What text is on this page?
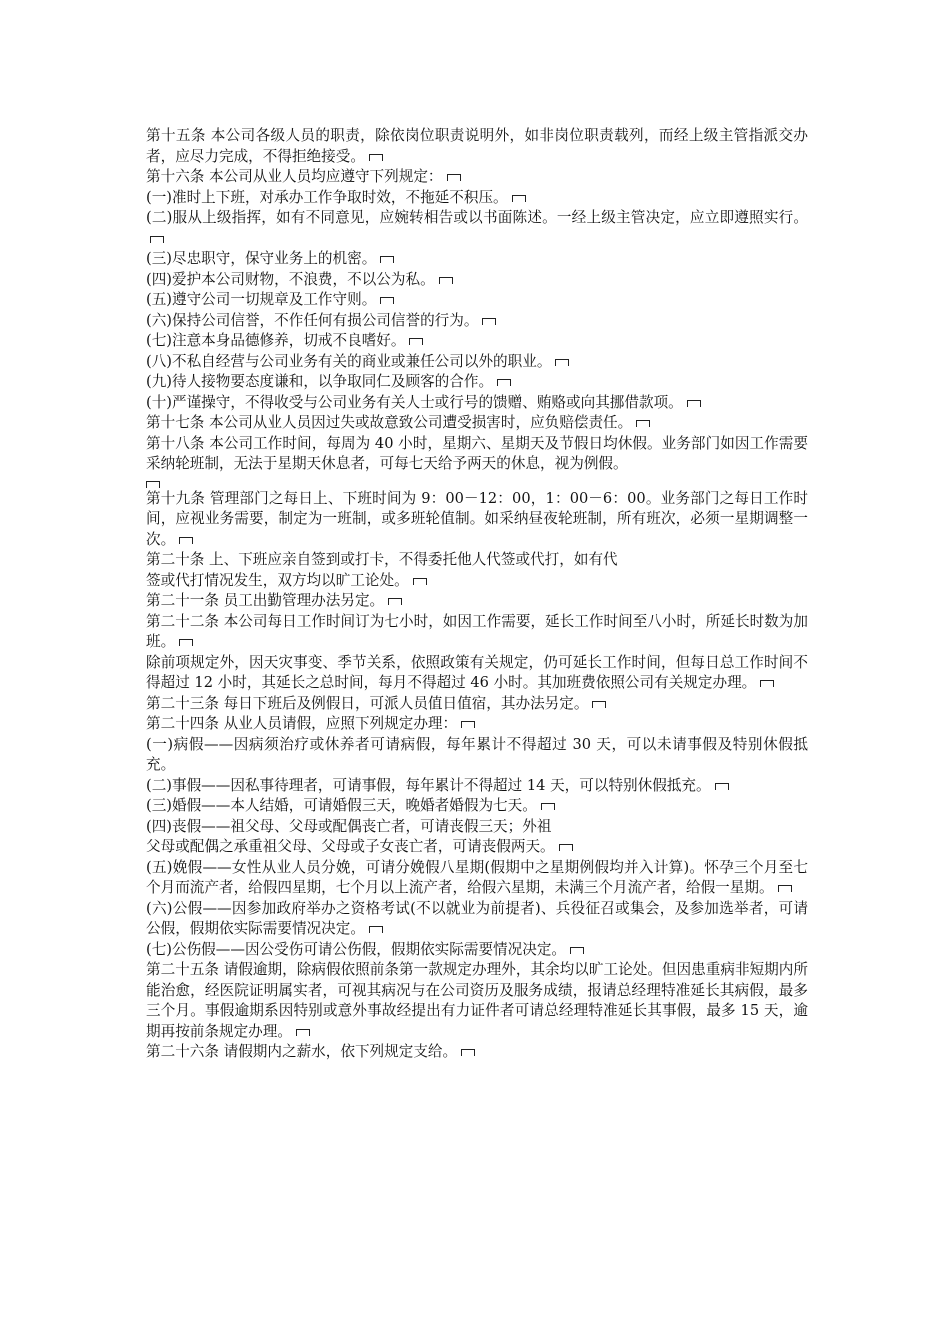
第十五条 本公司各级人员的职责，除依岗位职责说明外，如非岗位职责载列，而经上级主管指派交办者，应尽力完成，不得拒绝接受。

第十六条 本公司从业人员均应遵守下列规定：

(一)准时上下班，对承办工作争取时效，不拖延不积压。

(二)服从上级指挥，如有不同意见，应婉转相告或以书面陈述。一经上级主管决定，应立即遵照实行。

(三)尽忠职守，保守业务上的机密。

(四)爱护本公司财物，不浪费，不以公为私。

(五)遵守公司一切规章及工作守则。

(六)保持公司信誉，不作任何有损公司信誉的行为。

(七)注意本身品德修养，切戒不良嗜好。

(八)不私自经营与公司业务有关的商业或兼任公司以外的职业。

(九)待人接物要态度谦和，以争取同仁及顾客的合作。

(十)严谨操守，不得收受与公司业务有关人士或行号的馈赠、贿赂或向其挪借款项。

第十七条 本公司从业人员因过失或故意致公司遭受损害时，应负赔偿责任。

第十八条 本公司工作时间，每周为 40 小时，星期六、星期天及节假日均休假。业务部门如因工作需要采纳轮班制，无法于星期天休息者，可每七天给予两天的休息，视为例假。

第十九条 管理部门之每日上、下班时间为 9：00－12：00，1：00－6：00。业务部门之每日工作时间，应视业务需要，制定为一班制，或多班轮值制。如采纳昼夜轮班制，所有班次，必须一星期调整一次。

第二十条 上、下班应亲自签到或打卡，不得委托他人代签或代打，如有代

签或代打情况发生，双方均以旷工论处。

第二十一条 员工出勤管理办法另定。

第二十二条 本公司每日工作时间订为七小时，如因工作需要，延长工作时间至八小时，所延长时数为加班。

除前项规定外，因天灾事变、季节关系，依照政策有关规定，仍可延长工作时间，但每日总工作时间不得超过 12 小时，其延长之总时间，每月不得超过 46 小时。其加班费依照公司有关规定办理。

第二十三条 每日下班后及例假日，可派人员值日值宿，其办法另定。

第二十四条 从业人员请假，应照下列规定办理：

(一)病假——因病须治疗或休养者可请病假，每年累计不得超过 30 天，可以未请事假及特别休假抵充。

(二)事假——因私事待理者，可请事假，每年累计不得超过 14 天，可以特别休假抵充。

(三)婚假——本人结婚，可请婚假三天，晚婚者婚假为七天。

(四)丧假——祖父母、父母或配偶丧亡者，可请丧假三天；外祖

父母或配偶之承重祖父母、父母或子女丧亡者，可请丧假两天。

(五)娩假——女性从业人员分娩，可请分娩假八星期(假期中之星期例假均并入计算)。怀孕三个月至七个月而流产者，给假四星期，七个月以上流产者，给假六星期，未满三个月流产者，给假一星期。

(六)公假——因参加政府举办之资格考试(不以就业为前提者)、兵役征召或集会，及参加选举者，可请公假，假期依实际需要情况决定。

(七)公伤假——因公受伤可请公伤假，假期依实际需要情况决定。

第二十五条 请假逾期，除病假依照前条第一款规定办理外，其余均以旷工论处。但因患重病非短期内所能治愈，经医院证明属实者，可视其病况与在公司资历及服务成绩，报请总经理特准延长其病假，最多三个月。事假逾期系因特别或意外事故经提出有力证件者可请总经理特准延长其事假，最多 15 天，逾期再按前条规定办理。

第二十六条 请假期内之薪水，依下列规定支给。
